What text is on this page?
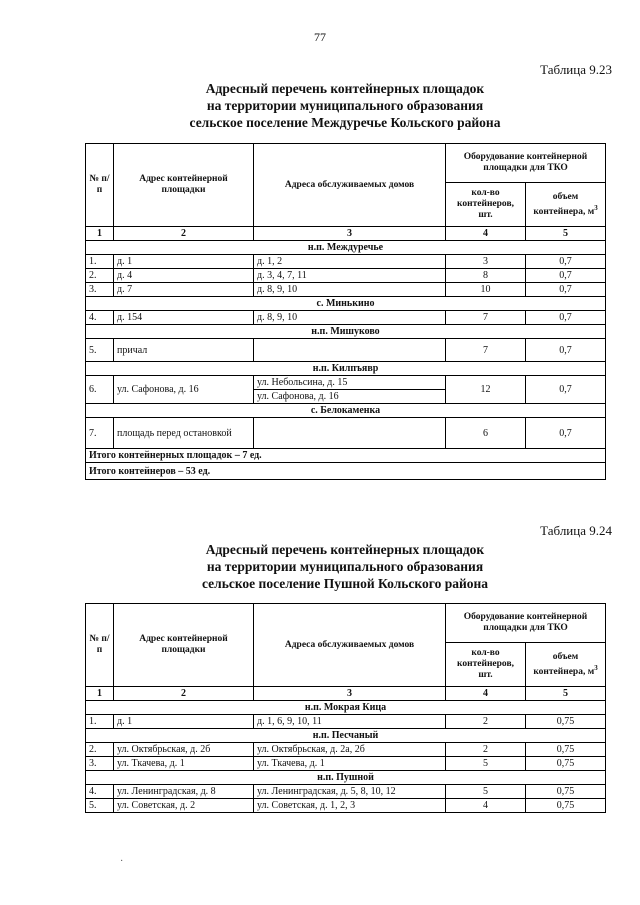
77
Таблица 9.23
Адресный перечень контейнерных площадок
на территории муниципального образования
сельское поселение Междуречье Кольского района
№ п/п	Адрес контейнерной площадки	Адреса обслуживаемых домов	Оборудование контейнерной площадки для ТКО	
			кол-во контейнеров, шт.	объем контейнера, $м^3$
1	2	3	4	5
н.п. Междуречье				
1.	д. 1	д. 1, 2	3	0,7
2.	д. 4	д. 3, 4, 7, 11	8	0,7
3.	д. 7	д. 8, 9, 10	10	0,7
с. Минькино				
4.	д. 154	д. 8, 9, 10	7	0,7
н.п. Мишуково				
5.	причал		7	0,7
н.п. Килпъявр				
6.	ул. Сафонова, д. 16	ул. Небольсина, д. 15	12	0,7
		ул. Сафонова, д. 16		
с. Белокаменка				
7.	площадь перед остановкой		6	0,7
Итого контейнерных площадок – 7 ед.				
Итого контейнеров – 53 ед.				
Таблица 9.24
Адресный перечень контейнерных площадок
на территории муниципального образования
сельское поселение Пушной Кольского района
№ п/п	Адрес контейнерной площадки	Адреса обслуживаемых домов	Оборудование контейнерной площадки для ТКО	
			кол-во контейнеров, шт.	объем контейнера, $м^3$
1	2	3	4	5
н.п. Мокрая Кица				
1.	д. 1	д. 1, 6, 9, 10, 11	2	0,75
н.п. Песчаный				
2.	ул. Октябрьская, д. 2б	ул. Октябрьская, д. 2а, 2б	2	0,75
3.	ул. Ткачева, д. 1	ул. Ткачева, д. 1	5	0,75
н.п. Пушной				
4.	ул. Ленинградская, д. 8	ул. Ленинградская, д. 5, 8, 10, 12	5	0,75
5.	ул. Советская, д. 2	ул. Советская, д. 1, 2, 3	4	0,75
·
